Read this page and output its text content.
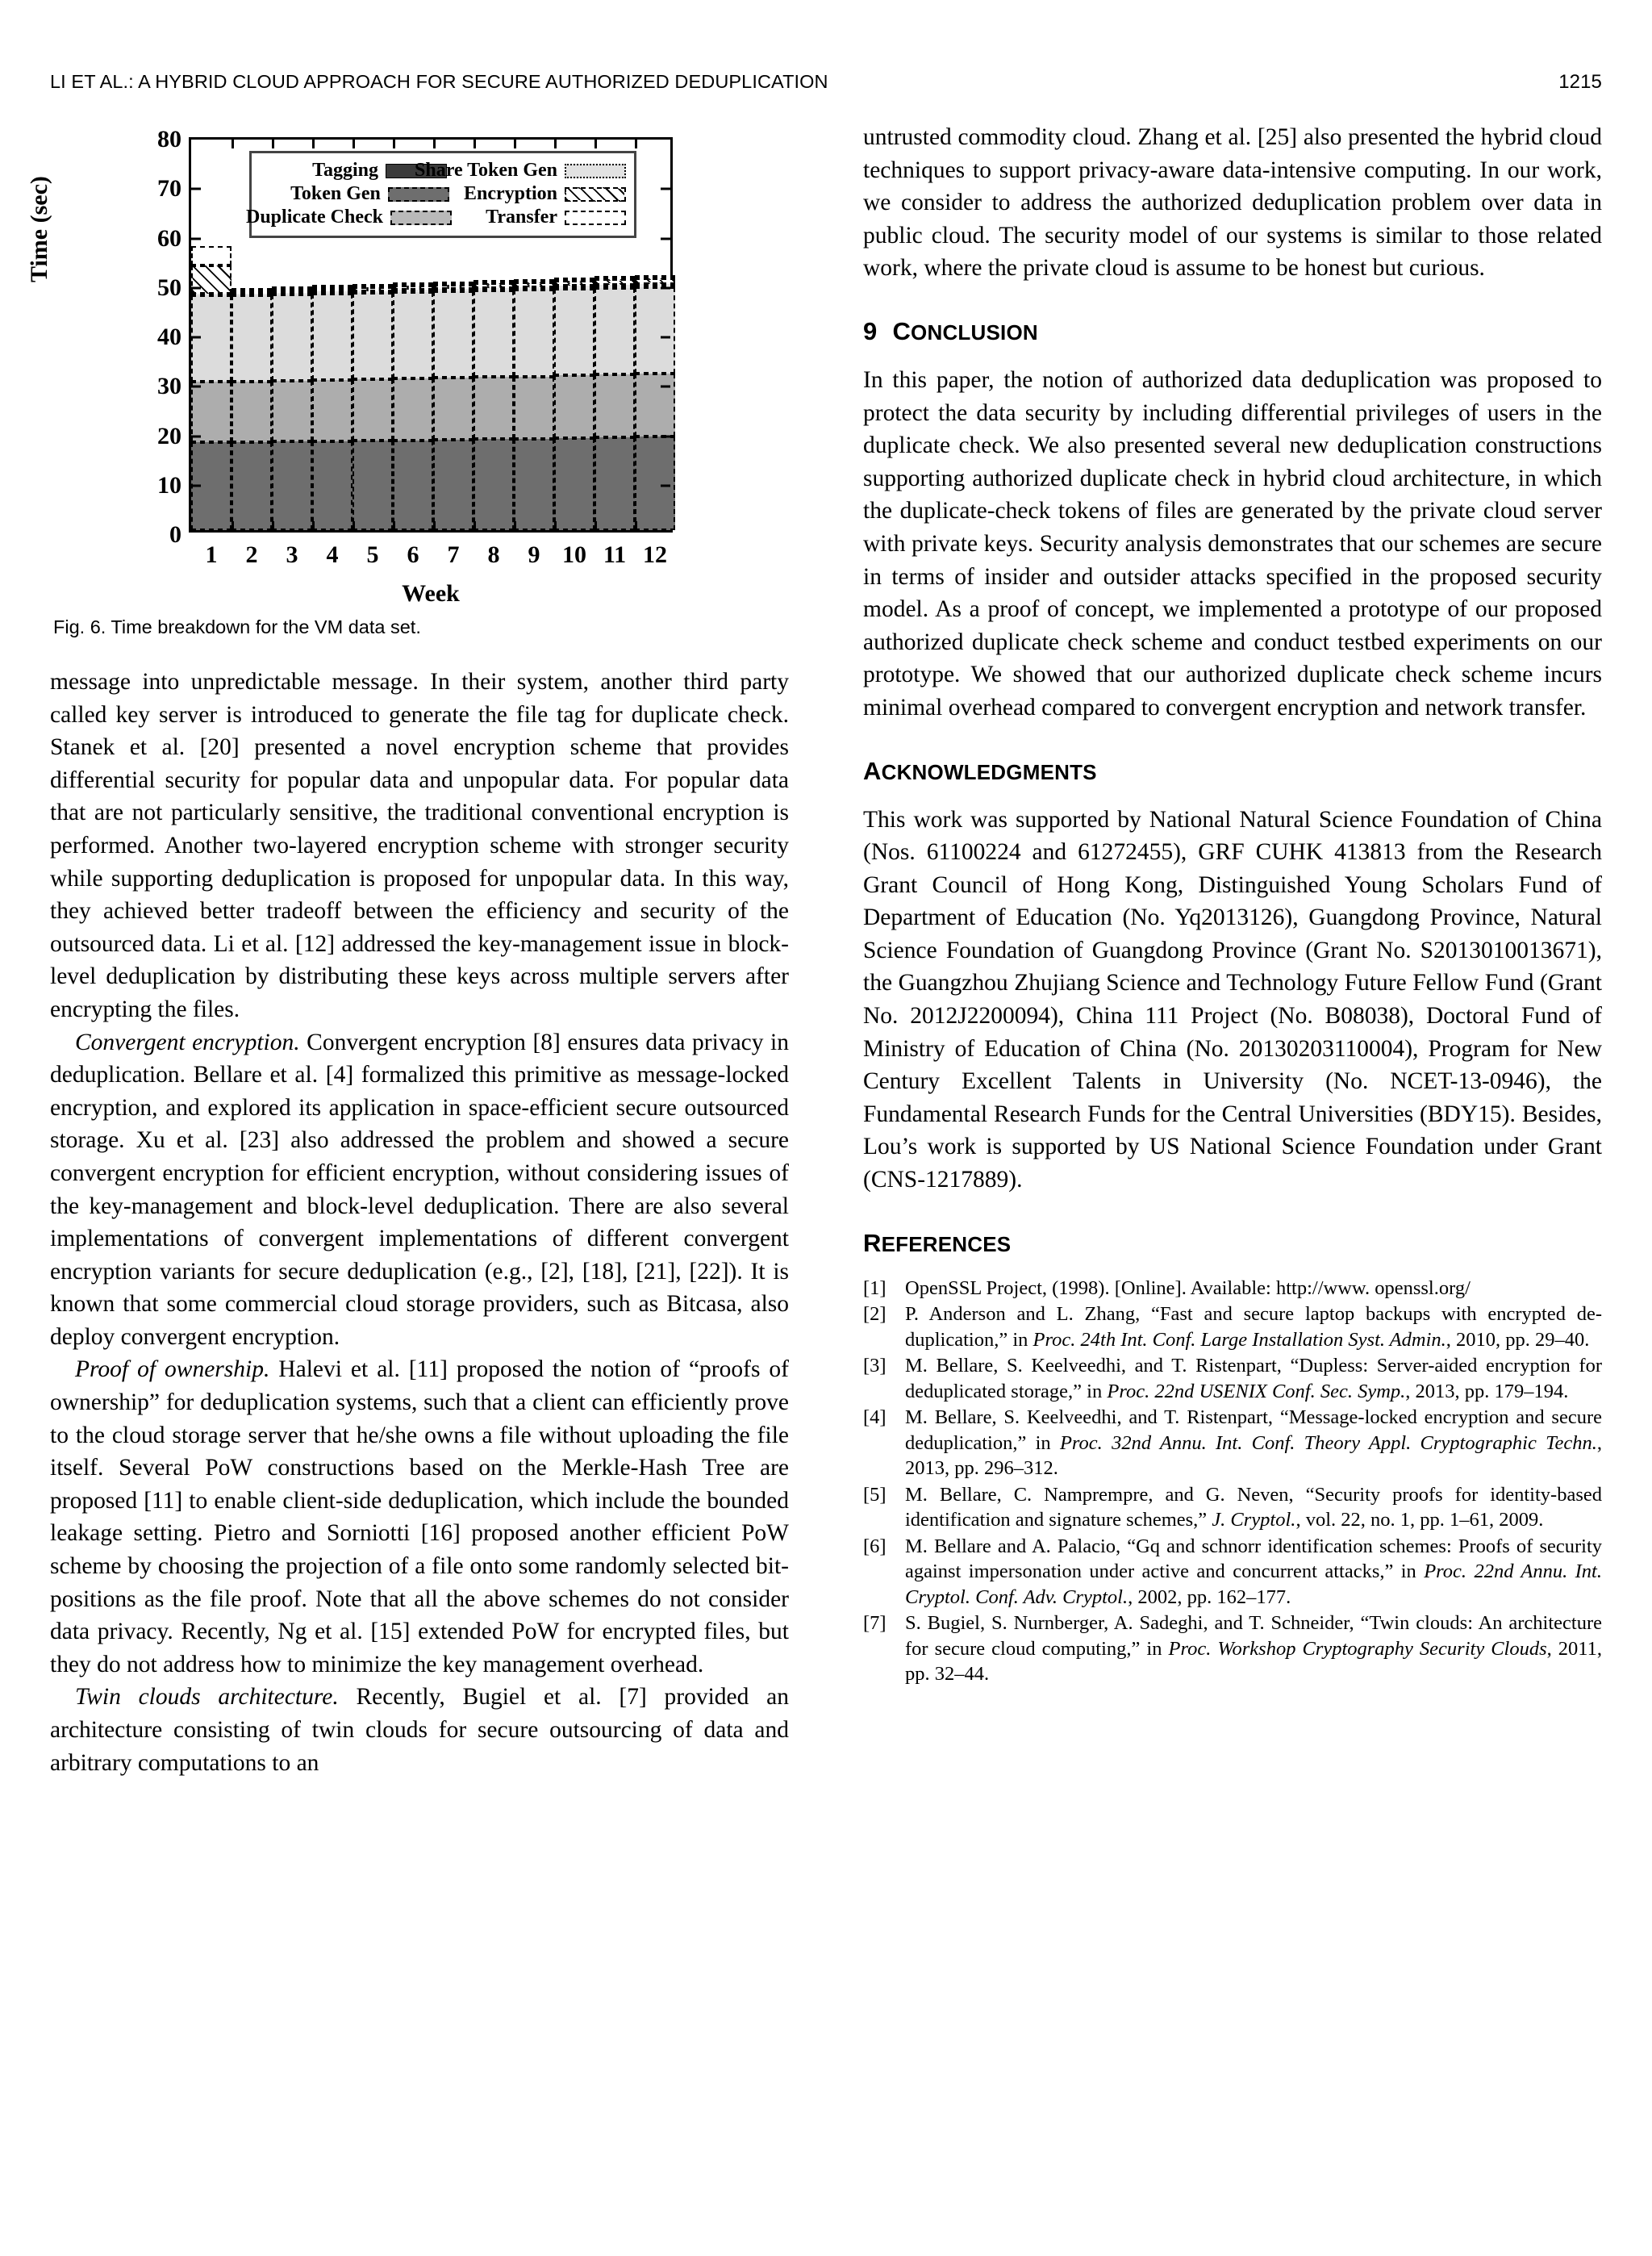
LI ET AL.: A HYBRID CLOUD APPROACH FOR SECURE AUTHORIZED DEDUPLICATION	1215
Time (sec)
Tagging Share Token Gen
Token Gen	Encryption
Duplicate Check	Transfer
Week
0
10
20
30
40
50
60
70
80
1 2 3 4 5 6 7 8 9 10 11 12
Fig. 6. Time breakdown for the VM data set.

message into unpredictable message. In their system, another third party called key server is introduced to generate the file tag for duplicate check. Stanek et al. [20] presented a novel encryption scheme that provides differential security for popular data and unpopular data. For popular data that are not particularly sensitive, the traditional conventional encryption is performed. Another two-layered encryption scheme with stronger security while supporting deduplication is proposed for unpopular data. In this way, they achieved better tradeoff between the efficiency and security of the outsourced data. Li et al. [12] addressed the key-management issue in block-level deduplication by distributing these keys across multiple servers after encrypting the files.

Convergent encryption. Convergent encryption [8] ensures data privacy in deduplication. Bellare et al. [4] formalized this primitive as message-locked encryption, and explored its application in space-efficient secure outsourced storage. Xu et al. [23] also addressed the problem and showed a secure convergent encryption for efficient encryption, without considering issues of the key-management and block-level deduplication. There are also several implementations of convergent implementations of different convergent encryption variants for secure deduplication (e.g., [2], [18], [21], [22]). It is known that some commercial cloud storage providers, such as Bitcasa, also deploy convergent encryption.

Proof of ownership. Halevi et al. [11] proposed the notion of “proofs of ownership” for deduplication systems, such that a client can efficiently prove to the cloud storage server that he/she owns a file without uploading the file itself. Several PoW constructions based on the Merkle-Hash Tree are proposed [11] to enable client-side deduplication, which include the bounded leakage setting. Pietro and Sorniotti [16] proposed another efficient PoW scheme by choosing the projection of a file onto some randomly selected bit-positions as the file proof. Note that all the above schemes do not consider data privacy. Recently, Ng et al. [15] extended PoW for encrypted files, but they do not address how to minimize the key management overhead.

Twin clouds architecture. Recently, Bugiel et al. [7] provided an architecture consisting of twin clouds for secure outsourcing of data and arbitrary computations to an

untrusted commodity cloud. Zhang et al. [25] also presented the hybrid cloud techniques to support privacy-aware data-intensive computing. In our work, we consider to address the authorized deduplication problem over data in public cloud. The security model of our systems is similar to those related work, where the private cloud is assume to be honest but curious.

9 CONCLUSION

In this paper, the notion of authorized data deduplication was proposed to protect the data security by including differential privileges of users in the duplicate check. We also presented several new deduplication constructions supporting authorized duplicate check in hybrid cloud architecture, in which the duplicate-check tokens of files are generated by the private cloud server with private keys. Security analysis demonstrates that our schemes are secure in terms of insider and outsider attacks specified in the proposed security model. As a proof of concept, we implemented a prototype of our proposed authorized duplicate check scheme and conduct testbed experiments on our prototype. We showed that our authorized duplicate check scheme incurs minimal overhead compared to convergent encryption and network transfer.

ACKNOWLEDGMENTS

This work was supported by National Natural Science Foundation of China (Nos. 61100224 and 61272455), GRF CUHK 413813 from the Research Grant Council of Hong Kong, Distinguished Young Scholars Fund of Department of Education (No. Yq2013126), Guangdong Province, Natural Science Foundation of Guangdong Province (Grant No. S2013010013671), the Guangzhou Zhujiang Science and Technology Future Fellow Fund (Grant No. 2012J2200094), China 111 Project (No. B08038), Doctoral Fund of Ministry of Education of China (No. 20130203110004), Program for New Century Excellent Talents in University (No. NCET-13-0946), the Fundamental Research Funds for the Central Universities (BDY15). Besides, Lou’s work is supported by US National Science Foundation under Grant (CNS-1217889).

REFERENCES
[1] OpenSSL Project, (1998). [Online]. Available: http://www. openssl.org/
[2] P. Anderson and L. Zhang, “Fast and secure laptop backups with encrypted de-duplication,” in Proc. 24th Int. Conf. Large Installation Syst. Admin., 2010, pp. 29–40.
[3] M. Bellare, S. Keelveedhi, and T. Ristenpart, “Dupless: Server-aided encryption for deduplicated storage,” in Proc. 22nd USENIX Conf. Sec. Symp., 2013, pp. 179–194.
[4] M. Bellare, S. Keelveedhi, and T. Ristenpart, “Message-locked encryption and secure deduplication,” in Proc. 32nd Annu. Int. Conf. Theory Appl. Cryptographic Techn., 2013, pp. 296–312.
[5] M. Bellare, C. Namprempre, and G. Neven, “Security proofs for identity-based identification and signature schemes,” J. Cryptol., vol. 22, no. 1, pp. 1–61, 2009.
[6] M. Bellare and A. Palacio, “Gq and schnorr identification schemes: Proofs of security against impersonation under active and concurrent attacks,” in Proc. 22nd Annu. Int. Cryptol. Conf. Adv. Cryptol., 2002, pp. 162–177.
[7] S. Bugiel, S. Nurnberger, A. Sadeghi, and T. Schneider, “Twin clouds: An architecture for secure cloud computing,” in Proc. Workshop Cryptography Security Clouds, 2011, pp. 32–44.
